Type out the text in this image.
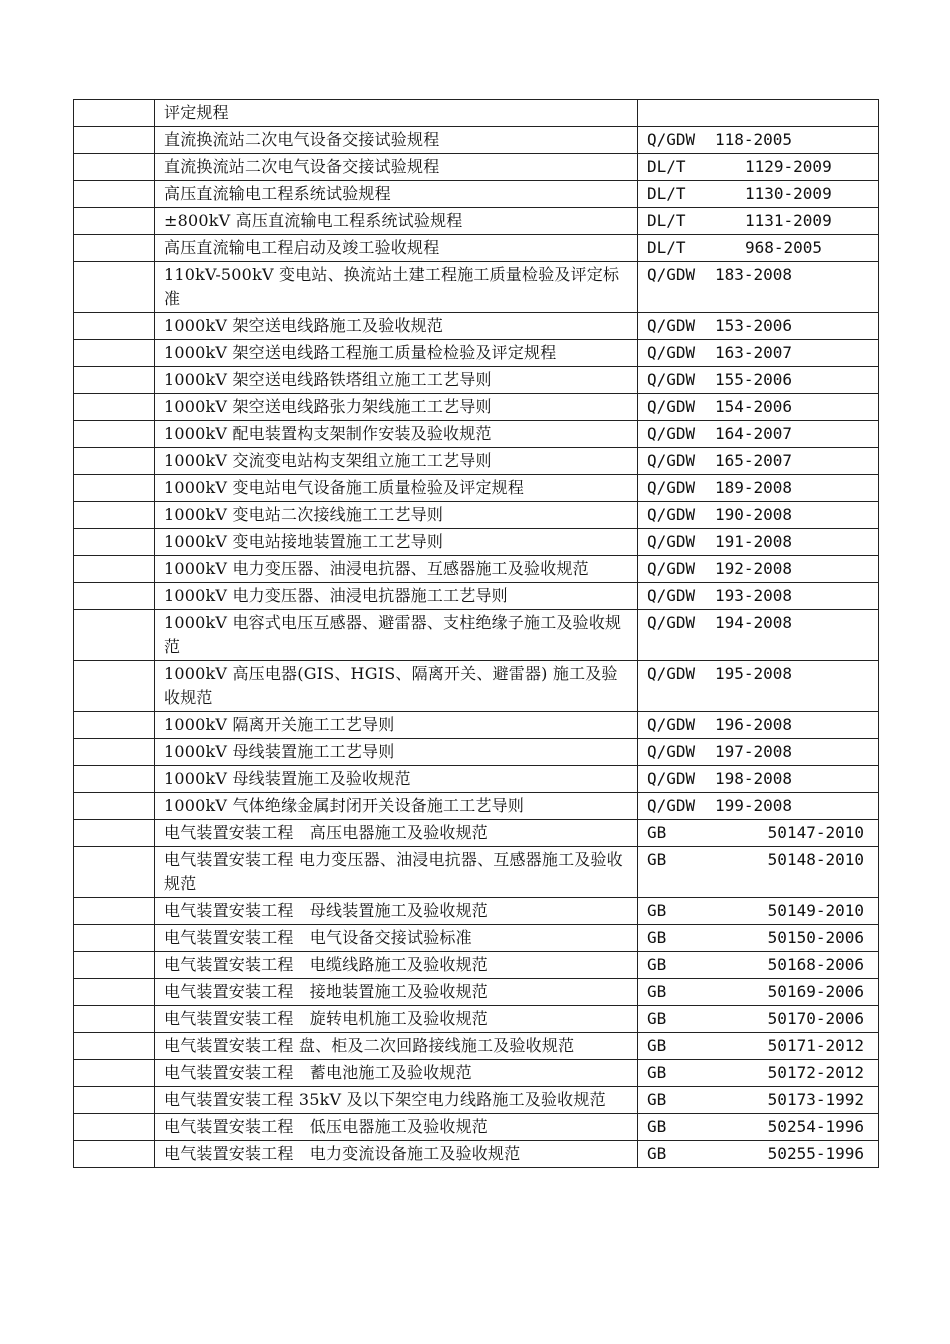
	评定规程	

	直流换流站二次电气设备交接试验规程	Q/GDW 118-2005

	直流换流站二次电气设备交接试验规程	DL/T 1129-2009

	高压直流输电工程系统试验规程	DL/T 1130-2009

	±800kV 高压直流输电工程系统试验规程	DL/T 1131-2009

	高压直流输电工程启动及竣工验收规程	DL/T 968-2005

	110kV-500kV 变电站、换流站土建工程施工质量检验及评定标准	Q/GDW 183-2008

	1000kV 架空送电线路施工及验收规范	Q/GDW 153-2006

	1000kV 架空送电线路工程施工质量检检验及评定规程	Q/GDW 163-2007

	1000kV 架空送电线路铁塔组立施工工艺导则	Q/GDW 155-2006

	1000kV 架空送电线路张力架线施工工艺导则	Q/GDW 154-2006

	1000kV 配电装置构支架制作安装及验收规范	Q/GDW 164-2007

	1000kV 交流变电站构支架组立施工工艺导则	Q/GDW 165-2007

	1000kV 变电站电气设备施工质量检验及评定规程	Q/GDW 189-2008

	1000kV 变电站二次接线施工工艺导则	Q/GDW 190-2008

	1000kV 变电站接地装置施工工艺导则	Q/GDW 191-2008

	1000kV 电力变压器、油浸电抗器、互感器施工及验收规范	Q/GDW 192-2008

	1000kV 电力变压器、油浸电抗器施工工艺导则	Q/GDW 193-2008

	1000kV 电容式电压互感器、避雷器、支柱绝缘子施工及验收规范	Q/GDW 194-2008

	1000kV 高压电器(GIS、HGIS、隔离开关、避雷器) 施工及验收规范	Q/GDW 195-2008

	1000kV 隔离开关施工工艺导则	Q/GDW 196-2008

	1000kV 母线装置施工工艺导则	Q/GDW 197-2008

	1000kV 母线装置施工及验收规范	Q/GDW 198-2008

	1000kV 气体绝缘金属封闭开关设备施工工艺导则	Q/GDW 199-2008

	电气装置安装工程　高压电器施工及验收规范	GB 50147-2010

	电气装置安装工程 电力变压器、油浸电抗器、互感器施工及验收规范	GB 50148-2010

	电气装置安装工程　母线装置施工及验收规范	GB 50149-2010

	电气装置安装工程　电气设备交接试验标准	GB 50150-2006

	电气装置安装工程　电缆线路施工及验收规范	GB 50168-2006

	电气装置安装工程　接地装置施工及验收规范	GB 50169-2006

	电气装置安装工程　旋转电机施工及验收规范	GB 50170-2006

	电气装置安装工程 盘、柜及二次回路接线施工及验收规范	GB 50171-2012

	电气装置安装工程　蓄电池施工及验收规范	GB 50172-2012

	电气装置安装工程 35kV 及以下架空电力线路施工及验收规范	GB 50173-1992

	电气装置安装工程　低压电器施工及验收规范	GB 50254-1996

	电气装置安装工程　电力变流设备施工及验收规范	GB 50255-1996
